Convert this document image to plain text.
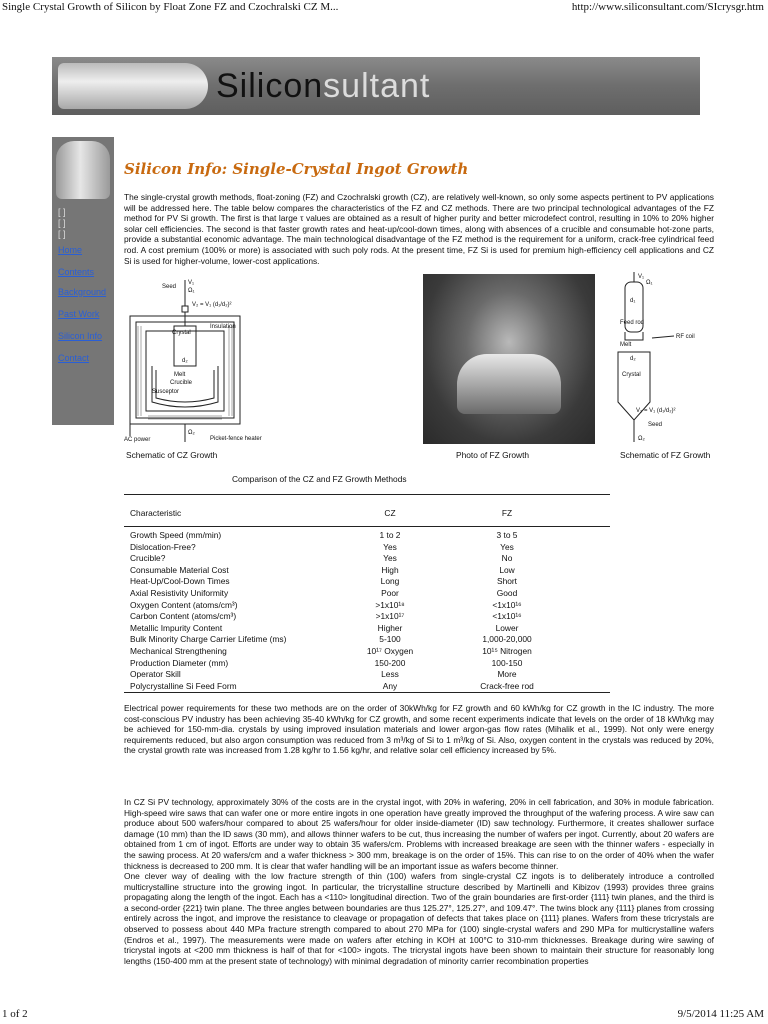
Single Crystal Growth of Silicon by Float Zone FZ and Czochralski CZ M...	http://www.siliconsultant.com/SIcrysgr.htm
Siliconsultant
[ ]
[ ]
[ ]
Home
Contents
Background
Past Work
Silicon Info
Contact
Silicon Info: Single-Crystal Ingot Growth
The single-crystal growth methods, float-zoning (FZ) and Czochralski growth (CZ), are relatively well-known, so only some aspects pertinent to PV applications will be addressed here. The table below compares the characteristics of the FZ and CZ methods. There are two principal technological advantages of the FZ method for PV Si growth. The first is that large τ values are obtained as a result of higher purity and better microdefect control, resulting in 10% to 20% higher solar cell efficiencies. The second is that faster growth rates and heat-up/cool-down times, along with absences of a crucible and consumable hot-zone parts, provide a substantial economic advantage. The main technological disadvantage of the FZ method is the requirement for a uniform, crack-free cylindrical feed rod. A cost premium (100% or more) is associated with such poly rods. At the present time, FZ Si is used for premium high-efficiency cell applications and CZ Si is used for higher-volume, lower-cost applications.
Seed
V₁
Ω₁
V₂ = V₁ (d₁/d₂)²
Crystal
Insulation
d₂
Melt
Crucible
Susceptor
AC power
Ω₂
Picket-fence heater
Schematic of CZ Growth	Photo of FZ Growth
V₁
Ω₁
d₁
Feed rod
RF coil
Melt
d₂
Crystal
V₂ = V₁ (d₁/d₂)²
Seed
Ω₂
Schematic of FZ Growth
Comparison of the CZ and FZ Growth Methods
Characteristic	CZ	FZ
Growth Speed (mm/min)	1 to 2	3 to 5
Dislocation-Free?	Yes	Yes
Crucible?	Yes	No
Consumable Material Cost	High	Low
Heat-Up/Cool-Down Times	Long	Short
Axial Resistivity Uniformity	Poor	Good
Oxygen Content (atoms/cm³)	>1x10¹⁸	<1x10¹⁶
Carbon Content (atoms/cm³)	>1x10¹⁷	<1x10¹⁶
Metallic Impurity Content	Higher	Lower
Bulk Minority Charge Carrier Lifetime (ms)	5-100	1,000-20,000
Mechanical Strengthening	10¹⁷ Oxygen	10¹⁵ Nitrogen
Production Diameter (mm)	150-200	100-150
Operator Skill	Less	More
Polycrystalline Si Feed Form	Any	Crack-free rod
Electrical power requirements for these two methods are on the order of 30kWh/kg for FZ growth and 60 kWh/kg for CZ growth in the IC industry. The more cost-conscious PV industry has been achieving 35-40 kWh/kg for CZ growth, and some recent experiments indicate that levels on the order of 18 kWh/kg may be achieved for 150-mm-dia. crystals by using improved insulation materials and lower argon-gas flow rates (Mihalik et al., 1999). Not only were energy requirements reduced, but also argon consumption was reduced from 3 m³/kg of Si to 1 m³/kg of Si. Also, oxygen content in the crystals was reduced by 20%, the crystal growth rate was increased from 1.28 kg/hr to 1.56 kg/hr, and relative solar cell efficiency increased by 5%.
In CZ Si PV technology, approximately 30% of the costs are in the crystal ingot, with 20% in wafering, 20% in cell fabrication, and 30% in module fabrication. High-speed wire saws that can wafer one or more entire ingots in one operation have greatly improved the throughput of the wafering process. A wire saw can produce about 500 wafers/hour compared to about 25 wafers/hour for older inside-diameter (ID) saw technology. Furthermore, it creates shallower surface damage (10 mm) than the ID saws (30 mm), and allows thinner wafers to be cut, thus increasing the number of wafers per ingot. Currently, about 20 wafers are obtained from 1 cm of ingot. Efforts are under way to obtain 35 wafers/cm. Problems with increased breakage are seen with the thinner wafers - especially in the sawing process. At 20 wafers/cm and a wafer thickness > 300 mm, breakage is on the order of 15%. This can rise to on the order of 40% when the wafer thickness is decreased to 200 mm. It is clear that wafer handling will be an important issue as wafers become thinner.
One clever way of dealing with the low fracture strength of thin (100) wafers from single-crystal CZ ingots is to deliberately introduce a controlled multicrystalline structure into the growing ingot. In particular, the tricrystalline structure described by Martinelli and Kibizov (1993) provides three grains propagating along the length of the ingot. Each has a <110> longitudinal direction. Two of the grain boundaries are first-order {111} twin planes, and the third is a second-order {221} twin plane. The three angles between boundaries are thus 125.27°, 125.27°, and 109.47°. The twins block any {111} planes from crossing entirely across the ingot, and improve the resistance to cleavage or propagation of defects that takes place on {111} planes. Wafers from these tricrystals are observed to possess about 440 MPa fracture strength compared to about 270 MPa for (100) single-crystal wafers and 290 MPa for multicrystalline wafers (Endros et al., 1997). The measurements were made on wafers after etching in KOH at 100°C to 310-mm thicknesses. Breakage during wire sawing of tricrystal ingots at <200 mm thickness is half of that for <100> ingots. The tricrystal ingots have been shown to maintain their structure for reasonably long lengths (150-400 mm at the present state of technology) with minimal degradation of minority carrier recombination properties
1 of 2	9/5/2014 11:25 AM
